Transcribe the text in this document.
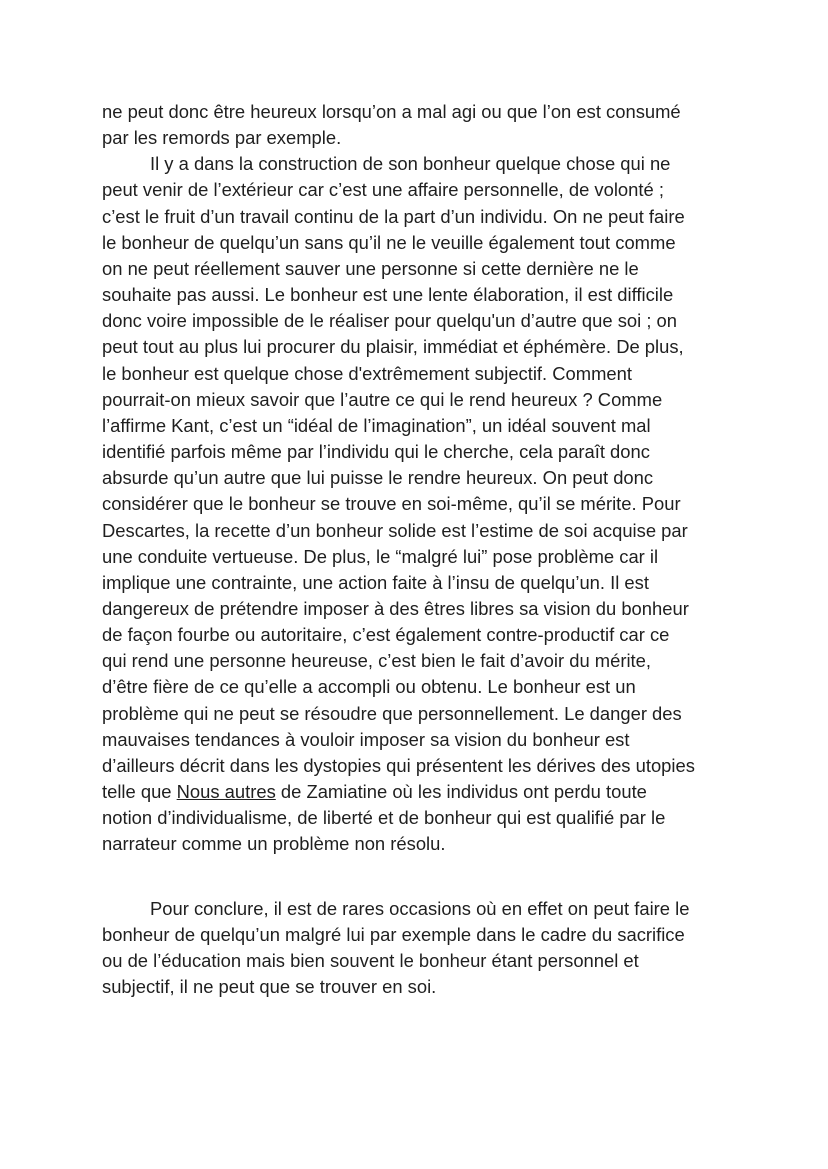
ne peut donc être heureux lorsqu’on a mal agi ou que l’on est consumé
par les remords par exemple.
Il y a dans la construction de son bonheur quelque chose qui ne
peut venir de l’extérieur car c’est une affaire personnelle, de volonté ;
c’est le fruit d’un travail continu de la part d’un individu. On ne peut faire
le bonheur de quelqu’un sans qu’il ne le veuille également tout comme
on ne peut réellement sauver une personne si cette dernière ne le
souhaite pas aussi. Le bonheur est une lente élaboration, il est difficile
donc voire impossible de le réaliser pour quelqu'un d’autre que soi ; on
peut tout au plus lui procurer du plaisir, immédiat et éphémère. De plus,
le bonheur est quelque chose d'extrêmement subjectif. Comment
pourrait-on mieux savoir que l’autre ce qui le rend heureux ? Comme
l’affirme Kant, c’est un “idéal de l’imagination”, un idéal souvent mal
identifié parfois même par l’individu qui le cherche, cela paraît donc
absurde qu’un autre que lui puisse le rendre heureux. On peut donc
considérer que le bonheur se trouve en soi-même, qu’il se mérite. Pour
Descartes, la recette d’un bonheur solide est l’estime de soi acquise par
une conduite vertueuse. De plus, le “malgré lui” pose problème car il
implique une contrainte, une action faite à l’insu de quelqu’un. Il est
dangereux de prétendre imposer à des êtres libres sa vision du bonheur
de façon fourbe ou autoritaire, c’est également contre-productif car ce
qui rend une personne heureuse, c’est bien le fait d’avoir du mérite,
d’être fière de ce qu’elle a accompli ou obtenu. Le bonheur est un
problème qui ne peut se résoudre que personnellement. Le danger des
mauvaises tendances à vouloir imposer sa vision du bonheur est
d’ailleurs décrit dans les dystopies qui présentent les dérives des utopies
telle que Nous autres de Zamiatine où les individus ont perdu toute
notion d’individualisme, de liberté et de bonheur qui est qualifié par le
narrateur comme un problème non résolu.
Pour conclure, il est de rares occasions où en effet on peut faire le
bonheur de quelqu’un malgré lui par exemple dans le cadre du sacrifice
ou de l’éducation mais bien souvent le bonheur étant personnel et
subjectif, il ne peut que se trouver en soi.
